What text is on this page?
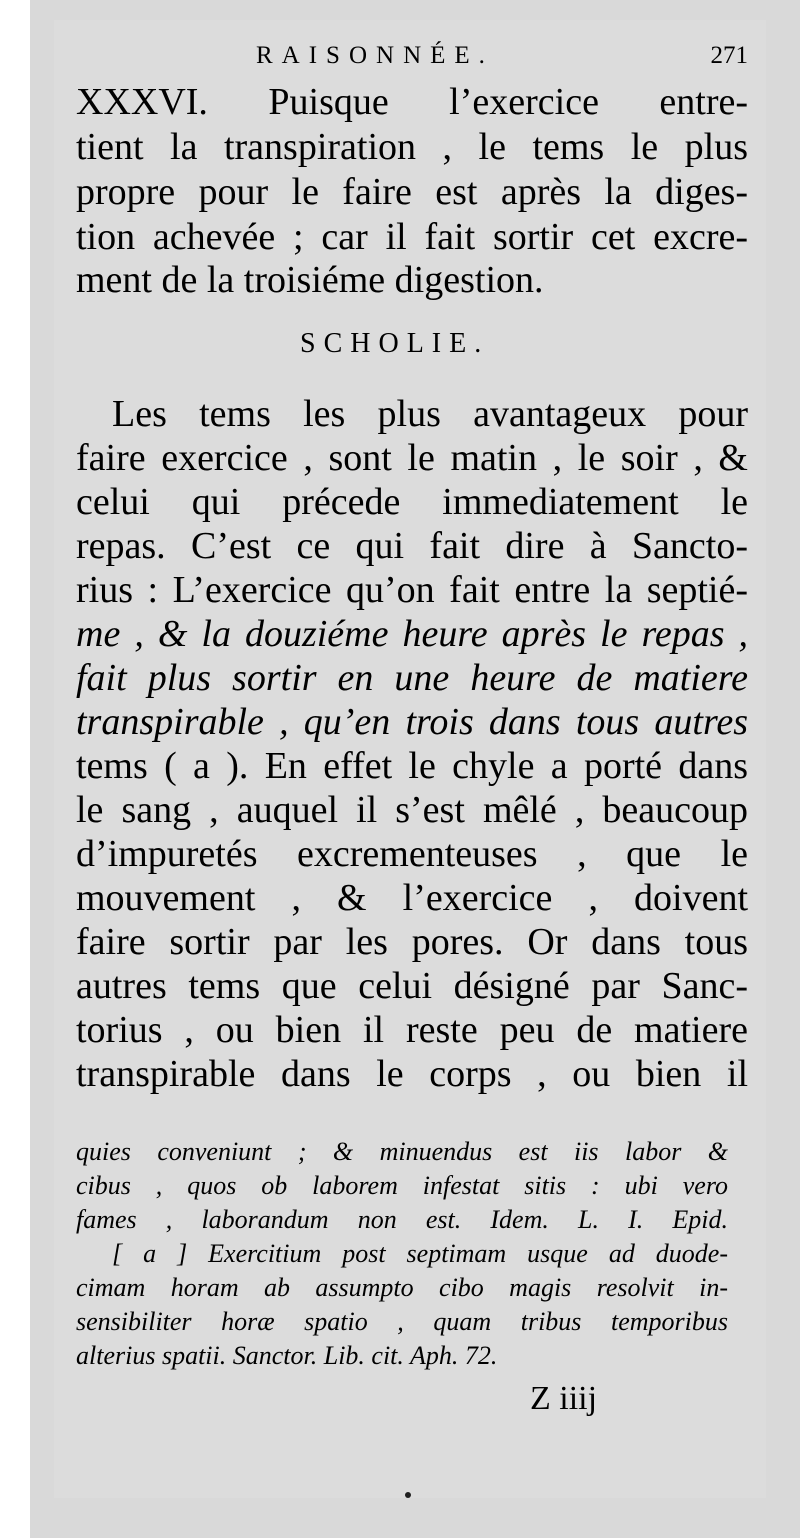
RAISONNÉE.	271
XXXVI. Puisque l’exercice entre-
tient la transpiration , le tems le plus
propre pour le faire est après la diges-
tion achevée ; car il fait sortir cet excre-
ment de la troisiéme digestion.
SCHOLIE.
Les tems les plus avantageux pour
faire exercice , sont le matin , le soir , &
celui qui précede immediatement le
repas. C’est ce qui fait dire à Sancto-
rius : L’exercice qu’on fait entre la septié-
me , & la douziéme heure après le repas ,
fait plus sortir en une heure de matiere
transpirable , qu’en trois dans tous autres
tems ( a ). En effet le chyle a porté dans
le sang , auquel il s’est mêlé , beaucoup
d’impuretés excrementeuses , que le
mouvement , & l’exercice , doivent
faire sortir par les pores. Or dans tous
autres tems que celui désigné par Sanc-
torius , ou bien il reste peu de matiere
transpirable dans le corps , ou bien il
quies conveniunt ; & minuendus est iis labor &
cibus , quos ob laborem infestat sitis : ubi vero
fames , laborandum non est. Idem. L. I. Epid.
[ a ] Exercitium post septimam usque ad duode-
cimam horam ab assumpto cibo magis resolvit in-
sensibiliter horæ spatio , quam tribus temporibus
alterius spatii. Sanctor. Lib. cit. Aph. 72.
Z iiij
